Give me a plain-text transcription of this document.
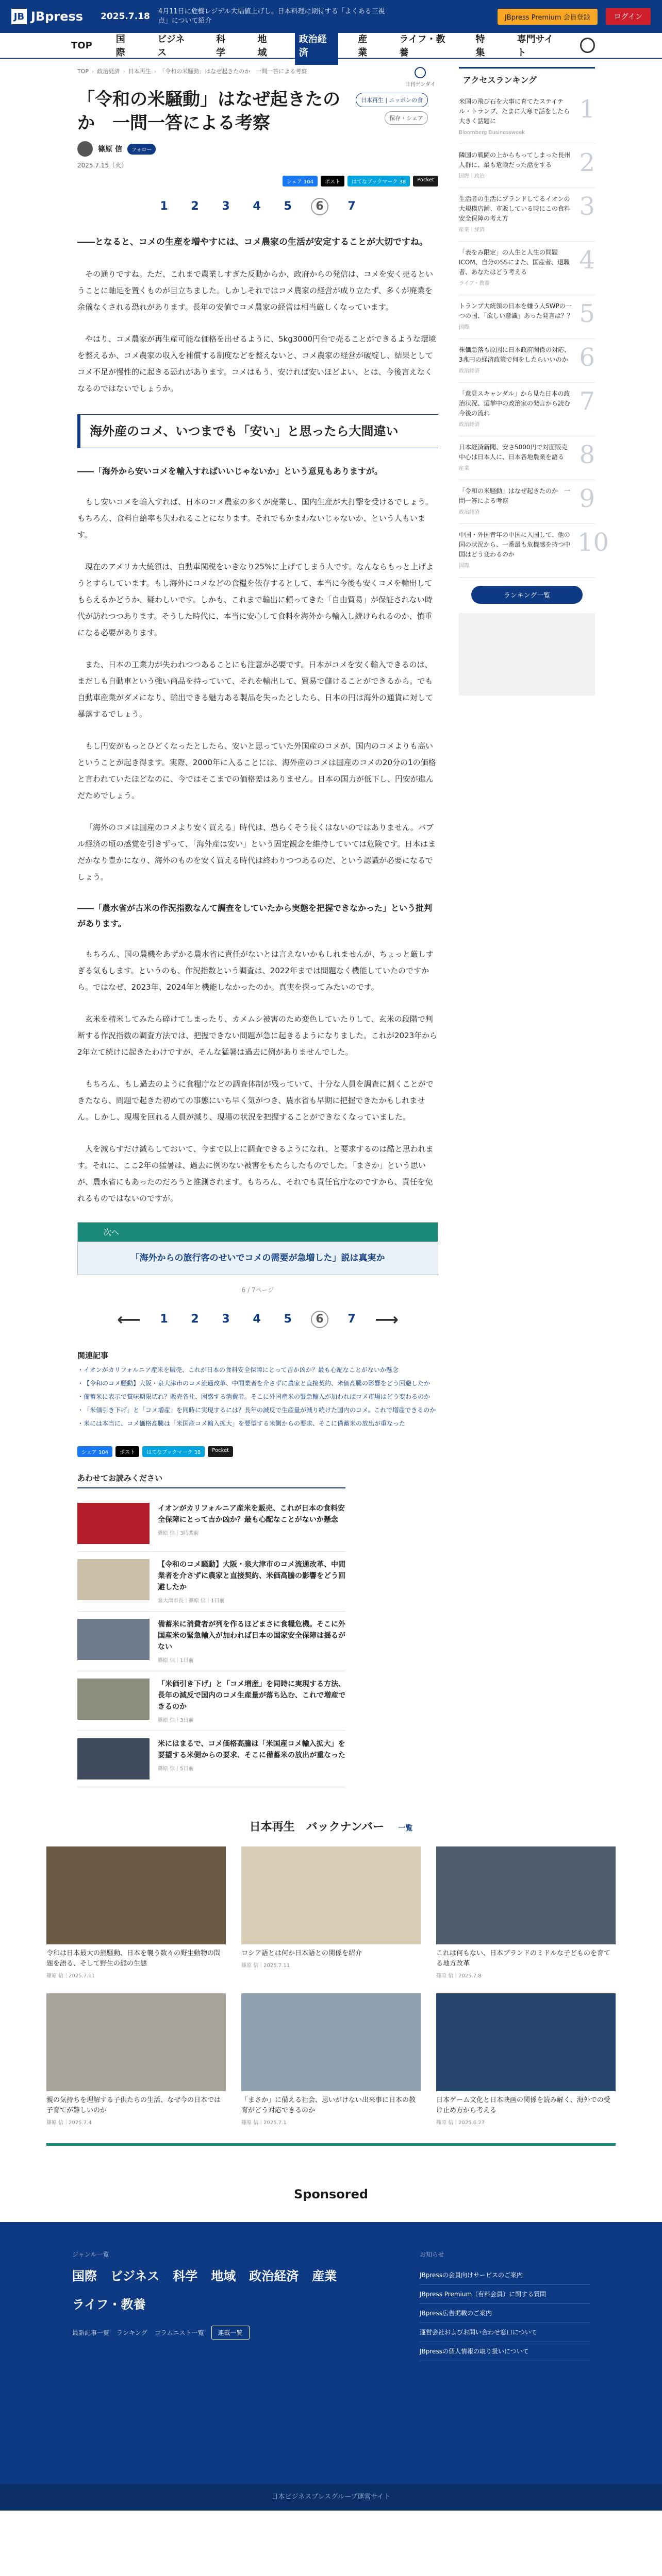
JB JBpress 2025.7.18 4月11日に危機レジデル大幅値上げし。日本料理に期待する「よくある三視点」について紹介	JBpress Premium 会員登録	ログイン
TOP
国際
ビジネス
科学
地域
政治経済
産業
ライフ・教養
特集
専門サイト
日刊ゲンダイ
TOP › 政治経済 › 日本再生 › 「令和の米騒動」はなぜ起きたのか　一問一答による考察
「令和の米騒動」はなぜ起きたのか　一問一答による考察
日本再生 | ニッポンの食
保存・シェア
篠原 信	フォロー
2025.7.15（火）
シェア 104	ポスト	はてなブックマーク 38	Pocket
1	2	3	4	5	6	7

――となると、コメの生産を増やすには、コメ農家の生活が安定することが大切ですね。

その通りですね。ただ、これまで農業しすぎた反動からか、政府からの発信は、コメを安く売るということに軸足を置くものが目立ちました。しかしそれではコメ農家の経営が成り立たず、多くが廃業を余儀なくされる恐れがあります。長年の安値でコメ農家の経営は相当厳しくなっています。

やはり、コメ農家が再生産可能な価格を出せるように、5kg3000円台で売ることができるような環境を整えるか、コメ農家の収入を補償する制度などを整えないと、コメ農家の経営が破綻し、結果としてコメ不足が慢性的に起きる恐れがあります。コメはもう、安ければ安いほどよい、とは、今後言えなくなるのではないでしょうか。

海外産のコメ、いつまでも「安い」と思ったら大間違い

――「海外から安いコメを輸入すればいいじゃないか」という意見もありますが。

もし安いコメを輸入すれば、日本のコメ農家の多くが廃業し、国内生産が大打撃を受けるでしょう。もちろん、食料自給率も失われることになります。それでもかまわないじゃないか、という人もいます。

現在のアメリカ大統領は、自動車関税をいきなり25%に上げてしまう人です。なんならもっと上げようとすらしています。もし海外にコメなどの食糧を依存するとして、本当に今後も安くコメを輸出してもらえるかどうか、疑わしいです。しかも、これまで輸出に頼ってきた「自由貿易」が保証されない時代が訪れつつあります。そうした時代に、本当に安心して食料を海外から輸入し続けられるのか、慎重になる必要があります。

また、日本の工業力が失われつつあることにも注意が必要です。日本がコメを安く輸入できるのは、まだしも自動車という強い商品を持っていて、それを輸出して、貿易で儲けることができるから。でも自動車産業がダメになり、輸出できる魅力ある製品を失ったとしたら、日本の円は海外の通貨に対して暴落するでしょう。

もし円安がもっとひどくなったとしたら、安いと思っていた外国産のコメが、国内のコメよりも高いということが起き得ます。実際、2000年に入ることには、海外産のコメは国産のコメの20分の1の価格と言われていたほどなのに、今ではそこまでの価格差はありません。日本の国力が低下し、円安が進んだためでしょう。

「海外のコメは国産のコメより安く買える」時代は、恐らくそう長くはないのではありません。バブル経済の頃の感覚を引きずって、「海外産は安い」という固定観念を維持していては危険です。日本はまだかなり豊かになり、海外のものを安く買える時代は終わりつつあるのだ、という認識が必要になるでしょう。

――「農水省が古米の作況指数なんて調査をしていたから実態を把握できなかった」という批判があります。

もちろん、国の農機をあずかる農水省に責任がないとは言えないかもしれませんが、ちょっと厳しすぎる気もします。というのも、作況指数という調査は、2022年までは問題なく機能していたのですから。ではなぜ、2023年、2024年と機能しなかったのか。真実を探ってみたいのです。

玄米を精米してみたら碎けてしまったり、カメムシ被害のため変色していたりして、玄米の段階で判断する作況指数の調査方法では、把握できない問題が急に起きるようになりました。これが2023年から2年立て続けに起きたわけですが、そんな猛暑は過去に例がありませんでした。

もちろん、もし過去のように食糧庁などの調査体制が残っていて、十分な人員を調査に割くことができたなら、問題で起きた初めての事態にいち早く気がつき、農水省も早期に把握できたかもしれません。しかし、現場を回れる人員が減り、現場の状況を把握することができなくなっていました。

人を減らすだけ減らしておいて、今まで以上に調査できるようになれ、と要求するのは酷と思われます。それに、ここ2年の猛暑は、過去に例のない被害をもたらしたものでした。「まさか」という思いが、農水省にもあったのだろうと推測されます。もちろん、それでも責任官庁なのですから、責任を免れるものではないのですが。

次へ
「海外からの旅行客のせいでコメの需要が急増した」説は真実か
6 / 7ページ
⟵	1	2	3	4	5	6	7 ⟶
関連記事
・ イオンがカリフォルニア産米を販売、これが日本の食料安全保障にとって吉か凶か？最も心配なことがないか懸念
・ 【令和のコメ騒動】大阪・泉大津市のコメ流通改革、中間業者を介さずに農家と直接契約、米価高騰の影響をどう回避したか
・ 備蓄米に表示で賞味期限切れ？販売各社、困惑する消費者。そこに外国産米の緊急輸入が加わればコメ市場はどう変わるのか
・ 「米価引き下げ」と「コメ増産」を同時に実現するには？長年の減反で生産量が減り続けた国内のコメ。これで増産できるのか
・ 米には本当に、コメ価格高騰は「米国産コメ輸入拡大」を要望する米側からの要求、そこに備蓄米の放出が重なった
シェア 104	ポスト	はてなブックマーク 38	Pocket
あわせてお読みください
イオンがカリフォルニア産米を販売、これが日本の食料安全保障にとって吉か凶か？最も心配なことがないか懸念
篠原 信｜3時間前
【令和のコメ騒動】大阪・泉大津市のコメ流通改革、中間業者を介さずに農家と直接契約、米価高騰の影響をどう回避したか
泉大津市長｜篠原 信｜1日前
備蓄米に消費者が列を作るほどまさに食糧危機。そこに外国産米の緊急輸入が加われば日本の国家安全保障は揺るがない
篠原 信｜1日前
「米価引き下げ」と「コメ増産」を同時に実現する方法、長年の減反で国内のコメ生産量が落ち込む、これで増産できるのか
篠原 信｜3日前
米にはまるで、コメ価格高騰は「米国産コメ輸入拡大」を要望する米側からの要求、そこに備蓄米の放出が重なった
篠原 信｜5日前
アクセスランキング
米国の飛び石を大事に育てたステイテル・トランプ、たまに大寒で話をしたら大きく話題に
Bloomberg Businessweek
1
隣国の戦闘の上からもってしまった長州人群に、最も危険だった話をする
国際｜政治	2
生活者の生活にブランドしてるイオンの大規模店舗、市販している時にこの食料安全保障の考え方
産業｜経済
3
「表をみ限定」の人生と人生の問題ICOM、自分のSSにまた、国産者、退職者、あなたはどう考える
ライフ・教養
4
トランプ大統領の日本を嫌う人SWPの一つの国、「欲しい意識」あった発言は？？
国際	5
株価急落も原因に日本政府関係の対応、3兆円の経済政策で何をしたらいいのか
政治経済	6
「意見スキャンダル」から見た日本の政治状況、選挙中の政治家の発言から読む今後の流れ
政治経済
7
日本経済新聞、安さ5000円で対面販売中心は日本人に、日本各地農業を語る
産業	8
「令和の米騒動」はなぜ起きたのか　一問一答による考察
政治経済	9
中国・外国青年の中国に入国して、他の国の状況から、一番最も危機感を持つ中国はどう変わるのか
国際
10
ランキング一覧
日本再生　バックナンバー 一覧
令和は日本最大の熊騒動、日本を襲う数々の野生動物の問題を語る、そして野生の熊の生態
篠原 信｜2025.7.11
ロシア語とは何か日本語との関係を紹介
篠原 信｜2025.7.11
これは何もない、日本ブランドのミドルな子どものを育てる地方改革
篠原 信｜2025.7.8
親の気持ちを理解する子供たちの生活、なぜ今の日本では子育てが難しいのか
篠原 信｜2025.7.4
「まさか」に備える社会、思いがけない出来事に日本の教育がどう対応できるのか
篠原 信｜2025.7.1
日本ゲーム文化と日本映画の関係を読み解く、海外での受け止め方から考える
篠原 信｜2025.6.27
Sponsored
ジャンル一覧
国際 ビジネス 科学 地域 政治経済 産業
ライフ・教養
最新記事一覧 ランキング コラムニスト一覧	連載一覧
お知らせ
JBpressの会員向けサービスのご案内
JBpress Premium（有料会員）に関する質問
JBpress広告掲載のご案内
運営会社およびお問い合わせ窓口について
JBpressの個人情報の取り扱いについて
日本ビジネスプレスグループ運営サイト
